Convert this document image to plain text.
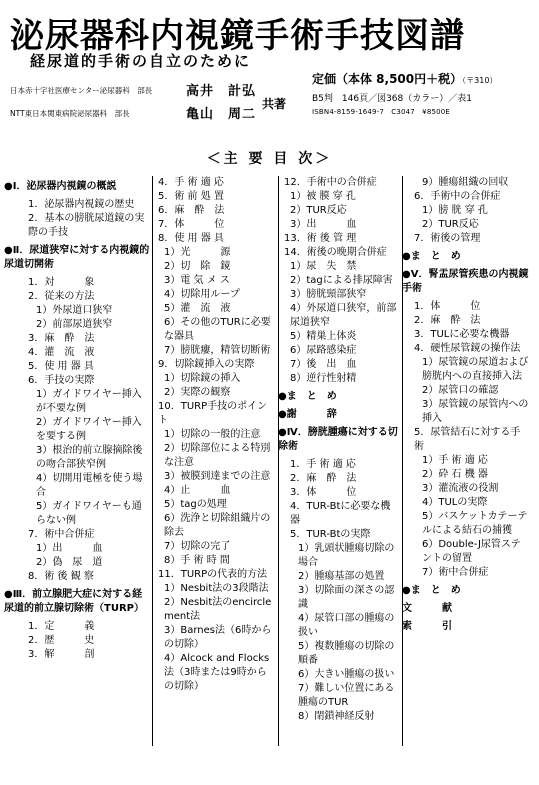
泌尿器科内視鏡手術手技図譜
経尿道的手術の自立のために
日本赤十字社医療センター泌尿器科　部長	高井　計弘
NTT東日本関東病院泌尿器科　部長	亀山　周二
共著
定価（本体 8,500円＋税）（〒310）
B5判　146頁／図368（カラー）／表1
ISBN4-8159-1649-7　C3047　¥8500E
＜主 要 目 次＞
●Ⅰ．泌尿器内視鏡の概説
1．泌尿器内視鏡の歴史
2．基本の膀胱尿道鏡の実際の手技
●Ⅱ．尿道狭窄に対する内視鏡的尿道切開術
1．対　　　象
2．従来の方法
1）外尿道口狭窄
2）前部尿道狭窄
3．麻　酔　法
4．灌　流　液
5．使 用 器 具
6．手技の実際
1）ガイドワイヤー挿入が不要な例
2）ガイドワイヤー挿入を要する例
3）根治的前立腺摘除後の吻合部狭窄例
4）切開用電極を使う場合
5）ガイドワイヤーも通らない例
7．術中合併症
1）出　　　血
2）偽　尿　道
8．術 後 観 察
●Ⅲ．前立腺肥大症に対する経尿道的前立腺切除術（TURP）
1．定　　　義
2．歴　　　史
3．解　　　剖
4．手 術 適 応
5．術 前 処 置
6．麻　酔　法
7．体　　　位
8．使 用 器 具
1）光　　　源
2）切　除　鏡
3）電 気 メ ス
4）切除用ループ
5）灌　流　液
6）その他のTURに必要な器具
7）膀胱瘻，精管切断術
9．切除鏡挿入の実際
1）切除鏡の挿入
2）実際の観察
10．TURP手技のポイント
1）切除の一般的注意
2）切除部位による特別な注意
3）被膜到達までの注意
4）止　　　血
5）tagの処理
6）洗浄と切除組織片の除去
7）切除の完了
8）手 術 時 間
11．TURPの代表的方法
1）Nesbit法の3段階法
2）Nesbit法のencirclement法
3）Barnes法（6時からの切除）
4）Alcock and Flocks法（3時または9時からの切除）
12．手術中の合併症
1）被 膜 穿 孔
2）TUR反応
3）出　　　血
13．術 後 管 理
14．術後の晩期合併症
1）尿　失　禁
2）tagによる排尿障害
3）膀胱頸部狭窄
4）外尿道口狭窄，前部尿道狭窄
5）精巣上体炎
6）尿路感染症
7）後　出　血
8）逆行性射精
●ま　と　め
●謝　　　辞
●Ⅳ．膀胱腫瘍に対する切除術
1．手 術 適 応
2．麻　酔　法
3．体　　　位
4．TUR-Btに必要な機器
5．TUR-Btの実際
1）乳頭状腫瘍切除の場合
2）腫瘍基部の処置
3）切除面の深さの認識
4）尿管口部の腫瘍の扱い
5）複数腫瘍の切除の順番
6）大きい腫瘍の扱い
7）難しい位置にある腫瘍のTUR
8）閉鎖神経反射
9）腫瘍組織の回収
6．手術中の合併症
1）膀 胱 穿 孔
2）TUR反応
7．術後の管理
●ま　と　め
●Ⅴ．腎盂尿管疾患の内視鏡手術
1．体　　　位
2．麻　酔　法
3．TULに必要な機器
4．硬性尿管鏡の操作法
1）尿管鏡の尿道および膀胱内への直接挿入法
2）尿管口の確認
3）尿管鏡の尿管内への挿入
5．尿管結石に対する手術
1）手 術 適 応
2）砕 石 機 器
3）灌流液の役割
4）TULの実際
5）バスケットカテーテルによる結石の捕獲
6）Double-J尿管ステントの留置
7）術中合併症
●ま　と　め
文　　　献
索　　　引
